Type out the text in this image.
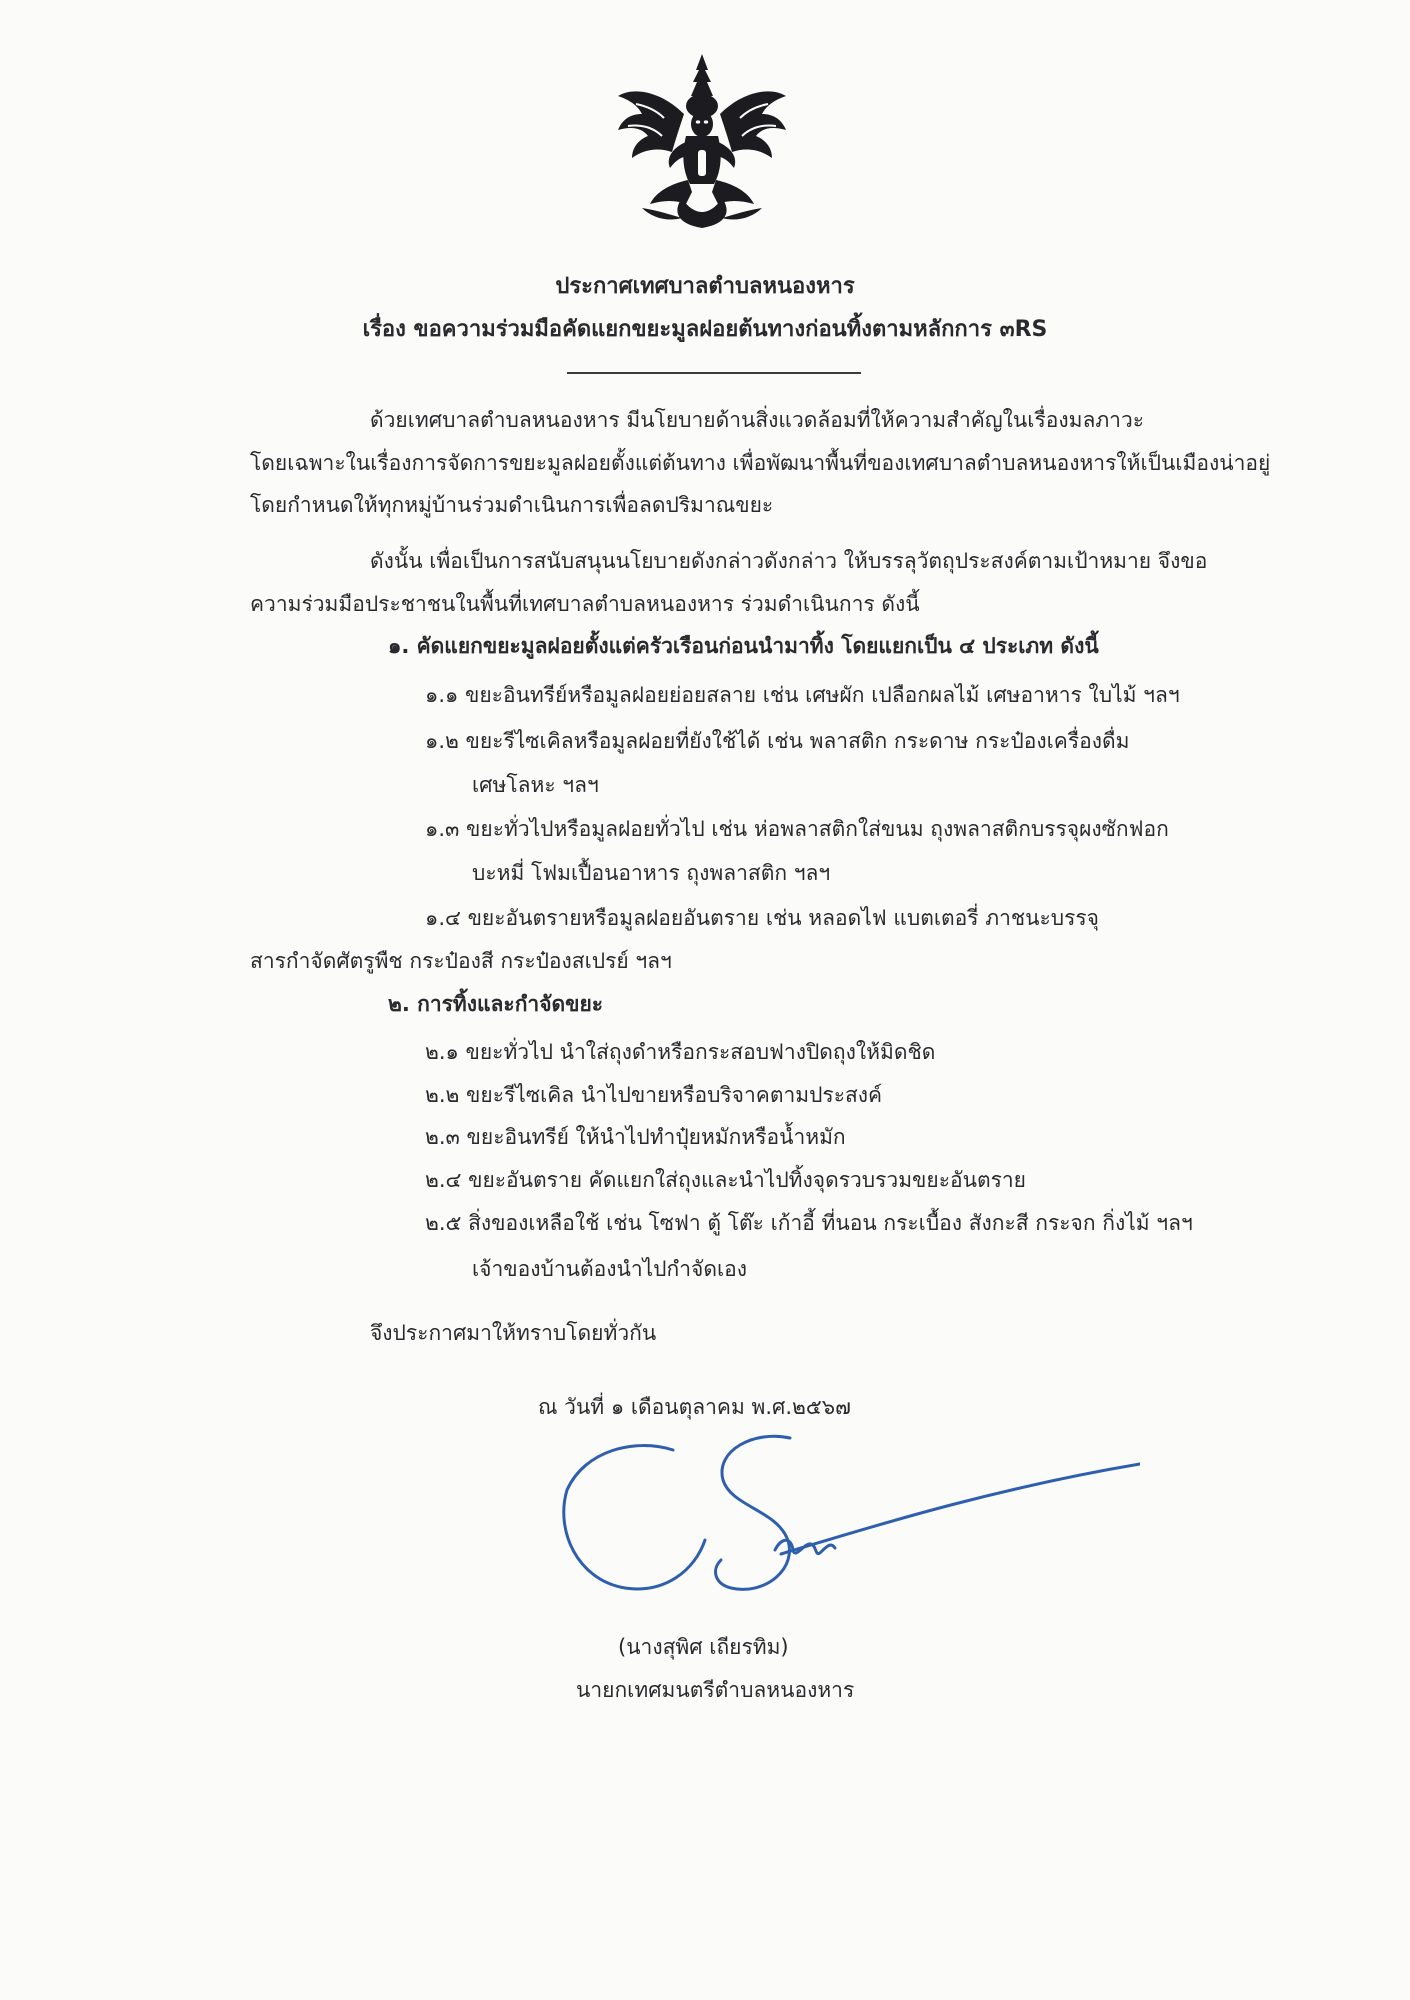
ประกาศเทศบาลตำบลหนองหาร
เรื่อง ขอความร่วมมือคัดแยกขยะมูลฝอยต้นทางก่อนทิ้งตามหลักการ ๓RS
ด้วยเทศบาลตำบลหนองหาร มีนโยบายด้านสิ่งแวดล้อมที่ให้ความสำคัญในเรื่องมลภาวะ
โดยเฉพาะในเรื่องการจัดการขยะมูลฝอยตั้งแต่ต้นทาง เพื่อพัฒนาพื้นที่ของเทศบาลตำบลหนองหารให้เป็นเมืองน่าอยู่
โดยกำหนดให้ทุกหมู่บ้านร่วมดำเนินการเพื่อลดปริมาณขยะ
ดังนั้น เพื่อเป็นการสนับสนุนนโยบายดังกล่าวดังกล่าว ให้บรรลุวัตถุประสงค์ตามเป้าหมาย จึงขอ
ความร่วมมือประชาชนในพื้นที่เทศบาลตำบลหนองหาร ร่วมดำเนินการ ดังนี้
๑. คัดแยกขยะมูลฝอยตั้งแต่ครัวเรือนก่อนนำมาทิ้ง โดยแยกเป็น ๔ ประเภท ดังนี้
๑.๑ ขยะอินทรีย์หรือมูลฝอยย่อยสลาย เช่น เศษผัก เปลือกผลไม้ เศษอาหาร ใบไม้ ฯลฯ
๑.๒ ขยะรีไซเคิลหรือมูลฝอยที่ยังใช้ได้ เช่น พลาสติก กระดาษ กระป๋องเครื่องดื่ม
เศษโลหะ ฯลฯ
๑.๓ ขยะทั่วไปหรือมูลฝอยทั่วไป เช่น ห่อพลาสติกใส่ขนม ถุงพลาสติกบรรจุผงซักฟอก
บะหมี่ โฟมเปื้อนอาหาร ถุงพลาสติก ฯลฯ
๑.๔ ขยะอันตรายหรือมูลฝอยอันตราย เช่น หลอดไฟ แบตเตอรี่ ภาชนะบรรจุ
สารกำจัดศัตรูพืช กระป๋องสี กระป๋องสเปรย์ ฯลฯ
๒. การทิ้งและกำจัดขยะ
๒.๑ ขยะทั่วไป นำใส่ถุงดำหรือกระสอบฟางปิดถุงให้มิดชิด
๒.๒ ขยะรีไซเคิล นำไปขายหรือบริจาคตามประสงค์
๒.๓ ขยะอินทรีย์ ให้นำไปทำปุ๋ยหมักหรือน้ำหมัก
๒.๔ ขยะอันตราย คัดแยกใส่ถุงและนำไปทิ้งจุดรวบรวมขยะอันตราย
๒.๕ สิ่งของเหลือใช้ เช่น โซฟา ตู้ โต๊ะ เก้าอี้ ที่นอน กระเบื้อง สังกะสี กระจก กิ่งไม้ ฯลฯ
เจ้าของบ้านต้องนำไปกำจัดเอง
จึงประกาศมาให้ทราบโดยทั่วกัน
ณ วันที่ ๑ เดือนตุลาคม พ.ศ.๒๕๖๗
(นางสุพิศ เถียรทิม)
นายกเทศมนตรีตำบลหนองหาร
